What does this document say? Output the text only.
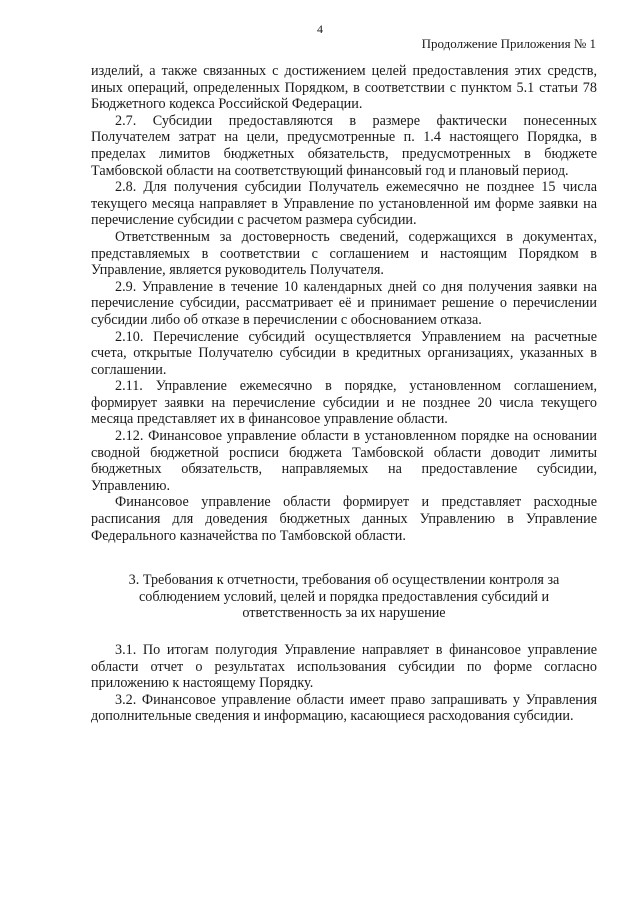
4
Продолжение Приложения № 1

изделий, а также связанных с достижением целей предоставления этих средств, иных операций, определенных Порядком, в соответствии с пунктом 5.1 статьи 78 Бюджетного кодекса Российской Федерации.

2.7. Субсидии предоставляются в размере фактически понесенных Получателем затрат на цели, предусмотренные п. 1.4 настоящего Порядка, в пределах лимитов бюджетных обязательств, предусмотренных в бюджете Тамбовской области на соответствующий финансовый год и плановый период.

2.8. Для получения субсидии Получатель ежемесячно не позднее 15 числа текущего месяца направляет в Управление по установленной им форме заявки на перечисление субсидии с расчетом размера субсидии.

Ответственным за достоверность сведений, содержащихся в документах, представляемых в соответствии с соглашением и настоящим Порядком в Управление, является руководитель Получателя.

2.9. Управление в течение 10 календарных дней со дня получения заявки на перечисление субсидии, рассматривает её и принимает решение о перечислении субсидии либо об отказе в перечислении с обоснованием отказа.

2.10. Перечисление субсидий осуществляется Управлением на расчетные счета, открытые Получателю субсидии в кредитных организациях, указанных в соглашении.

2.11. Управление ежемесячно в порядке, установленном соглашением, формирует заявки на перечисление субсидии и не позднее 20 числа текущего месяца представляет их в финансовое управление области.

2.12. Финансовое управление области в установленном порядке на основании сводной бюджетной росписи бюджета Тамбовской области доводит лимиты бюджетных обязательств, направляемых на предоставление субсидии, Управлению.

Финансовое управление области формирует и представляет расходные расписания для доведения бюджетных данных Управлению в Управление Федерального казначейства по Тамбовской области.

3. Требования к отчетности, требования об осуществлении контроля за соблюдением условий, целей и порядка предоставления субсидий и ответственность за их нарушение

3.1. По итогам полугодия Управление направляет в финансовое управление области отчет о результатах использования субсидии по форме согласно приложению к настоящему Порядку.

3.2. Финансовое управление области имеет право запрашивать у Управления дополнительные сведения и информацию, касающиеся расходования субсидии.
